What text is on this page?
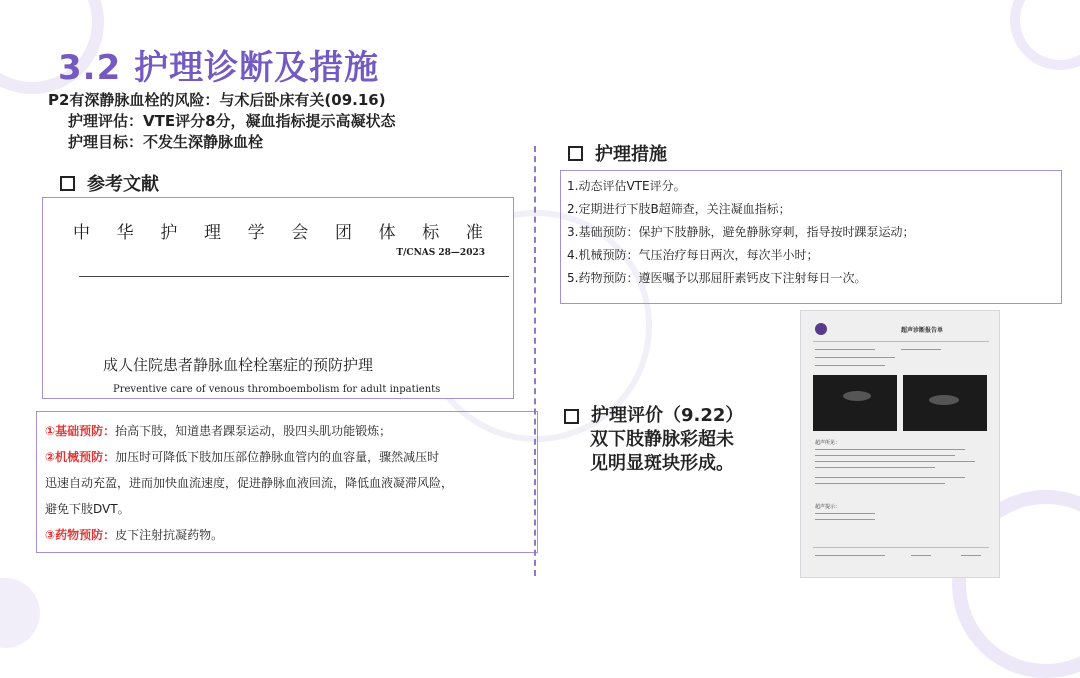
3.2 护理诊断及措施
P2有深静脉血栓的风险：与术后卧床有关(09.16)
护理评估：VTE评分8分，凝血指标提示高凝状态
护理目标：不发生深静脉血栓
参考文献
中 华 护 理 学 会 团 体 标 准
T/CNAS 28—2023
成人住院患者静脉血栓栓塞症的预防护理
Preventive care of venous thromboembolism for adult inpatients
①基础预防：抬高下肢，知道患者踝泵运动，股四头肌功能锻炼；
②机械预防：加压时可降低下肢加压部位静脉血管内的血容量，骤然减压时
迅速自动充盈，进而加快血流速度，促进静脉血液回流，降低血液凝滞风险，
避免下肢DVT。
③药物预防：皮下注射抗凝药物。
护理措施
1.动态评估VTE评分。
2.定期进行下肢B超筛查，关注凝血指标；
3.基础预防：保护下肢静脉，避免静脉穿刺，指导按时踝泵运动；
4.机械预防：气压治疗每日两次，每次半小时；
5.药物预防：遵医嘱予以那屈肝素钙皮下注射每日一次。
护理评价（9.22）
双下肢静脉彩超未
见明显斑块形成。
超声诊断报告单
超声所见：
超声提示：
